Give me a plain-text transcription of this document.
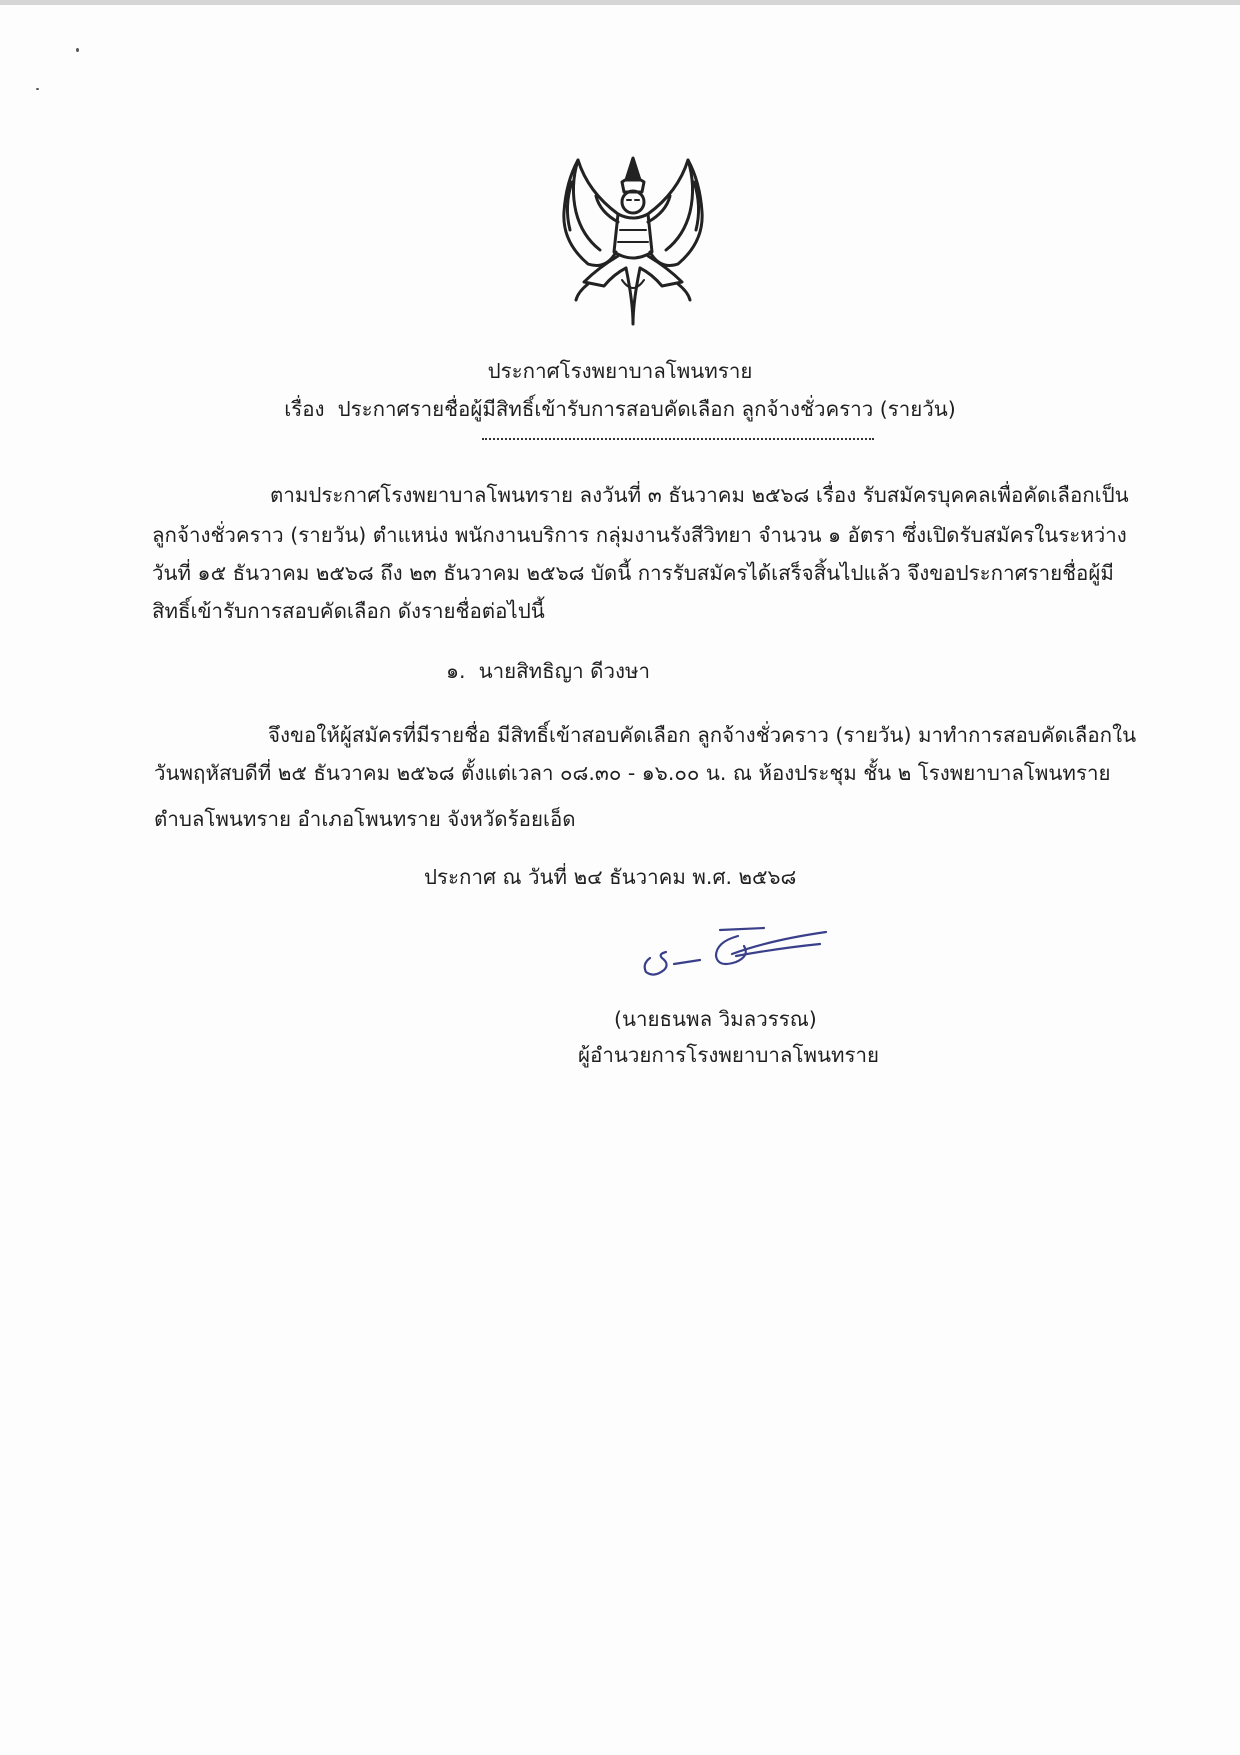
ประกาศโรงพยาบาลโพนทราย
เรื่อง ประกาศรายชื่อผู้มีสิทธิ์เข้ารับการสอบคัดเลือก ลูกจ้างชั่วคราว (รายวัน)
ตามประกาศโรงพยาบาลโพนทราย ลงวันที่ ๓ ธันวาคม ๒๕๖๘ เรื่อง รับสมัครบุคคลเพื่อคัดเลือกเป็น
ลูกจ้างชั่วคราว (รายวัน) ตำแหน่ง พนักงานบริการ กลุ่มงานรังสีวิทยา จำนวน ๑ อัตรา ซึ่งเปิดรับสมัครในระหว่าง
วันที่ ๑๕ ธันวาคม ๒๕๖๘ ถึง ๒๓ ธันวาคม ๒๕๖๘ บัดนี้ การรับสมัครได้เสร็จสิ้นไปแล้ว จึงขอประกาศรายชื่อผู้มี
สิทธิ์เข้ารับการสอบคัดเลือก ดังรายชื่อต่อไปนี้
๑. นายสิทธิญา ดีวงษา
จึงขอให้ผู้สมัครที่มีรายชื่อ มีสิทธิ์เข้าสอบคัดเลือก ลูกจ้างชั่วคราว (รายวัน) มาทำการสอบคัดเลือกใน
วันพฤหัสบดีที่ ๒๕ ธันวาคม ๒๕๖๘ ตั้งแต่เวลา ๐๘.๓๐ - ๑๖.๐๐ น. ณ ห้องประชุม ชั้น ๒ โรงพยาบาลโพนทราย
ตำบลโพนทราย อำเภอโพนทราย จังหวัดร้อยเอ็ด
ประกาศ ณ วันที่ ๒๔ ธันวาคม พ.ศ. ๒๕๖๘
(นายธนพล วิมลวรรณ)
ผู้อำนวยการโรงพยาบาลโพนทราย
